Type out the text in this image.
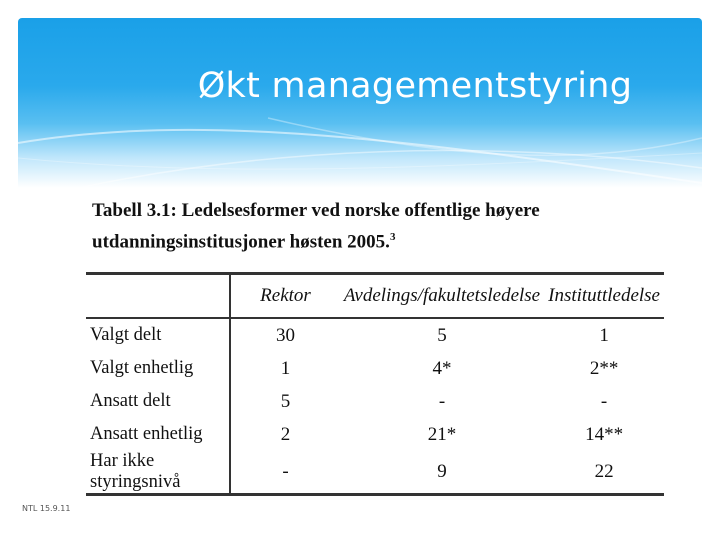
Økt managementstyring
Tabell 3.1: Ledelsesformer ved norske offentlige høyere utdanningsinstitusjoner høsten 2005.$^3$
	Rektor	Avdelings/fakultetsledelse	Instituttledelse
Valgt delt	30	5	1
Valgt enhetlig	1	4*	2**
Ansatt delt	5	-	-
Ansatt enhetlig	2	21*	14**
Har ikke styringsnivå	-	9	22
NTL 15.9.11
